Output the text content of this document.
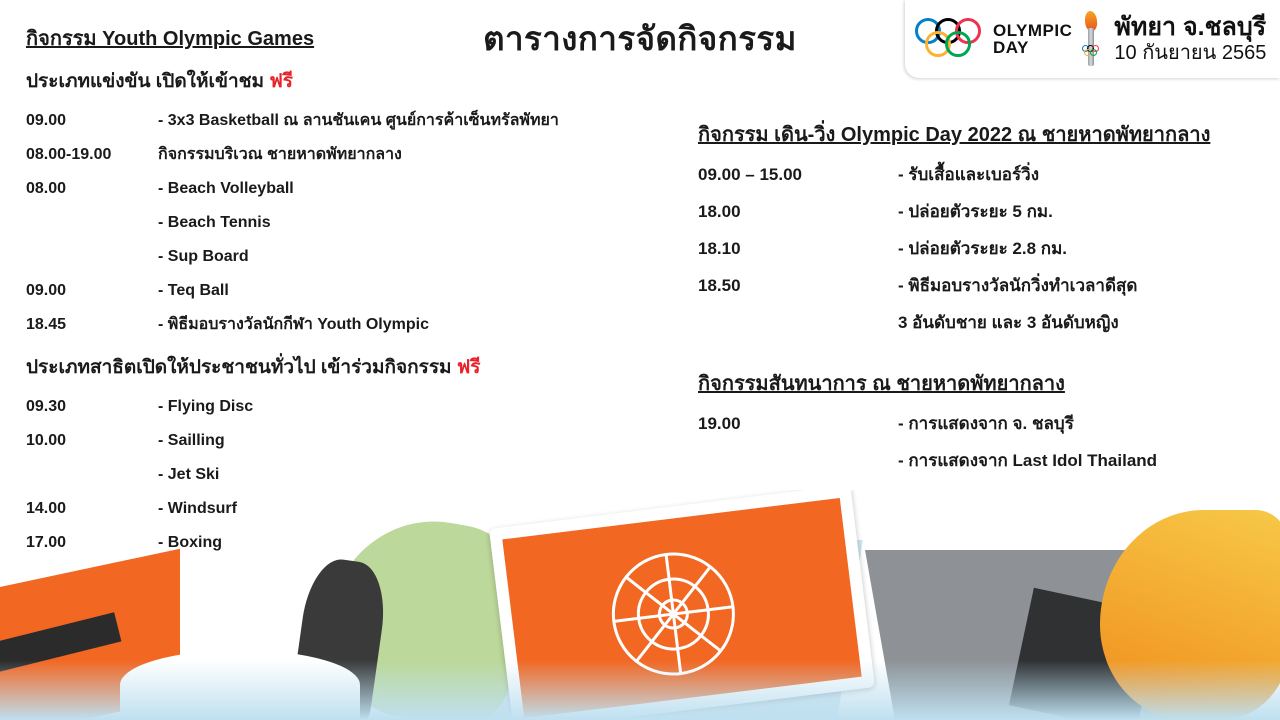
ตารางการจัดกิจกรรม	OLYMPIC
DAY
พัทยา จ.ชลบุรี
10 กันยายน 2565
กิจกรรม Youth Olympic Games
ประเภทแข่งขัน เปิดให้เข้าชม ฟรี
09.00	- 3x3 Basketball ณ ลานชันเคน ศูนย์การค้าเซ็นทรัลพัทยา
08.00-19.00	กิจกรรมบริเวณ ชายหาดพัทยากลาง
08.00	- Beach Volleyball
- Beach Tennis
- Sup Board
09.00	- Teq Ball
18.45	- พิธีมอบรางวัลนักกีฬา Youth Olympic
ประเภทสาธิตเปิดให้ประชาชนทั่วไป เข้าร่วมกิจกรรม ฟรี
09.30	- Flying Disc
10.00	- Sailling
- Jet Ski
14.00	- Windsurf
17.00	- Boxing
กิจกรรม เดิน-วิ่ง Olympic Day 2022 ณ ชายหาดพัทยากลาง
09.00 – 15.00	- รับเสื้อและเบอร์วิ่ง
18.00	- ปล่อยตัวระยะ 5 กม.
18.10	- ปล่อยตัวระยะ 2.8 กม.
18.50	- พิธีมอบรางวัลนักวิ่งทำเวลาดีสุด
3 อันดับชาย และ 3 อันดับหญิง
กิจกรรมสันทนาการ ณ ชายหาดพัทยากลาง
19.00	- การแสดงจาก จ. ชลบุรี
- การแสดงจาก Last Idol Thailand
